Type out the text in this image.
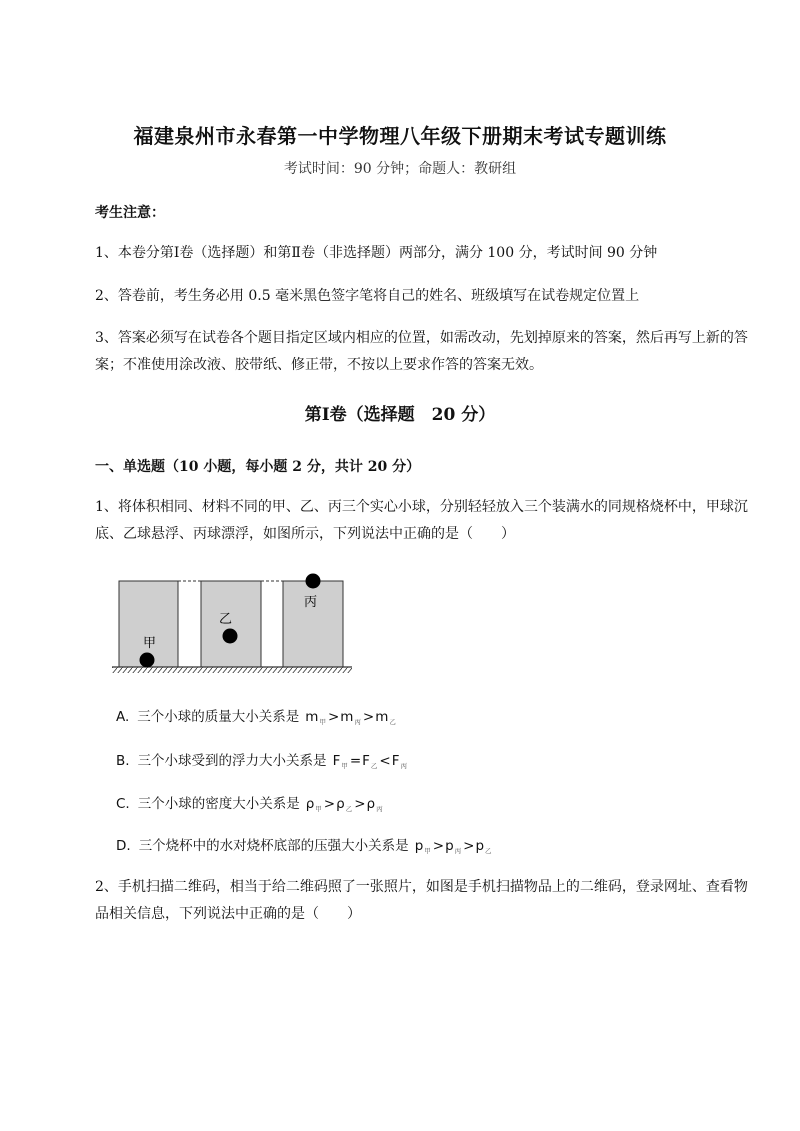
福建泉州市永春第一中学物理八年级下册期末考试专题训练
考试时间：90 分钟；命题人：教研组
考生注意：
1、本卷分第Ⅰ卷（选择题）和第Ⅱ卷（非选择题）两部分，满分 100 分，考试时间 90 分钟
2、答卷前，考生务必用 0.5 毫米黑色签字笔将自己的姓名、班级填写在试卷规定位置上
3、答案必须写在试卷各个题目指定区域内相应的位置，如需改动，先划掉原来的答案，然后再写上新的答案；不准使用涂改液、胶带纸、修正带，不按以上要求作答的答案无效。
第Ⅰ卷（选择题　20 分）
一、单选题（10 小题，每小题 2 分，共计 20 分）
1、将体积相同、材料不同的甲、乙、丙三个实心小球，分别轻轻放入三个装满水的同规格烧杯中，甲球沉底、乙球悬浮、丙球漂浮，如图所示，下列说法中正确的是（　　）
甲
乙
丙
A. 三个小球的质量大小关系是 $m_甲 >m_丙 >m_乙$
B. 三个小球受到的浮力大小关系是 $F_甲 =F_乙 <F_丙$
C. 三个小球的密度大小关系是 $\rho_甲 >\rho_乙 >\rho_丙$
D. 三个烧杯中的水对烧杯底部的压强大小关系是 $p_甲 >p_丙 >p_乙$
2、手机扫描二维码，相当于给二维码照了一张照片，如图是手机扫描物品上的二维码，登录网址、查看物品相关信息，下列说法中正确的是（　　）
